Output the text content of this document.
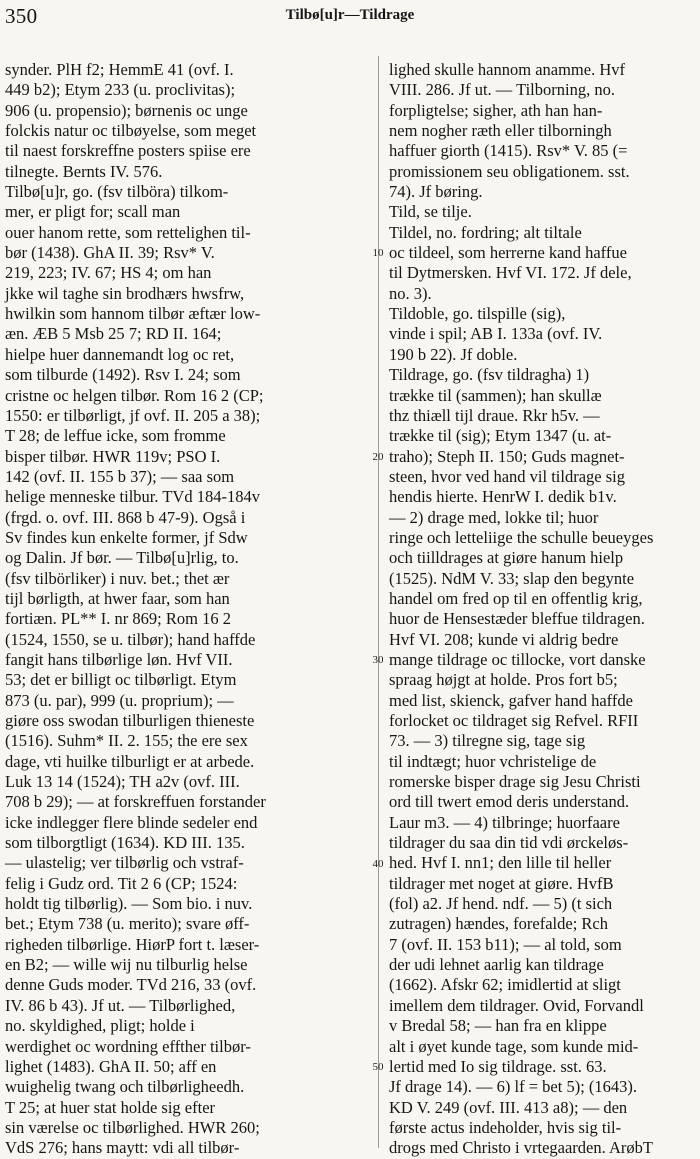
350	Tilbø[u]r—Tildrage
synder. PlH f2; HemmE 41 (ovf. I.
449 b2); Etym 233 (u. proclivitas);
906 (u. propensio); børnenis oc unge
folckis natur oc tilbøyelse, som meget
til naest forskreffne posters spiise ere
tilnegte. Bernts IV. 576.
Tilbø[u]r, go. (fsv tilböra) tilkom-
mer, er pligt for; scall man
ouer hanom rette, som rettelighen til-
bør (1438). GhA II. 39; Rsv* V.
219, 223; IV. 67; HS 4; om han
jkke wil taghe sin brodhærs hwsfrw,
hwilkin som hannom tilbør æftær low-
æn. ÆB 5 Msb 25 7; RD II. 164;
hielpe huer dannemandt log oc ret,
som tilburde (1492). Rsv I. 24; som
cristne oc helgen tilbør. Rom 16 2 (CP;
1550: er tilbørligt, jf ovf. II. 205 a 38);
T 28; de leffue icke, som fromme
bisper tilbør. HWR 119v; PSO I.
142 (ovf. II. 155 b 37); — saa som
helige menneske tilbur. TVd 184-184v
(frgd. o. ovf. III. 868 b 47-9). Også i
Sv findes kun enkelte former, jf Sdw
og Dalin. Jf bør. — Tilbø[u]rlig, to.
(fsv tilbörliker) i nuv. bet.; thet ær
tijl børligth, at hwer faar, som han
fortiæn. PL** I. nr 869; Rom 16 2
(1524, 1550, se u. tilbør); hand haffde
fangit hans tilbørlige løn. Hvf VII.
53; det er billigt oc tilbørligt. Etym
873 (u. par), 999 (u. proprium); —
giøre oss swodan tilburligen thieneste
(1516). Suhm* II. 2. 155; the ere sex
dage, vti huilke tilburligt er at arbede.
Luk 13 14 (1524); TH a2v (ovf. III.
708 b 29); — at forskreffuen forstander
icke indlegger flere blinde sedeler end
som tilborgtligt (1634). KD III. 135.
— ulastelig; ver tilbørlig och vstraf-
felig i Gudz ord. Tit 2 6 (CP; 1524:
holdt tig tilbørlig). — Som bio. i nuv.
bet.; Etym 738 (u. merito); svare øff-
righeden tilbørlige. HiørP fort t. læser-
en B2; — wille wij nu tilburlig helse
denne Guds moder. TVd 216, 33 (ovf.
IV. 86 b 43). Jf ut. — Tilbørlighed,
no. skyldighed, pligt; holde i
werdighet oc wordning effther tilbør-
lighet (1483). GhA II. 50; aff en
wuighelig twang och tilbørligheedh.
T 25; at huer stat holde sig efter
sin værelse oc tilbørlighed. HWR 260;
VdS 276; hans maytt: vdi all tilbør-
10
20
30
40
50
lighed skulle hannom anamme. Hvf
VIII. 286. Jf ut. — Tilborning, no.
forpligtelse; sigher, ath han han-
nem nogher ræth eller tilborningh
haffuer giorth (1415). Rsv* V. 85 (=
promissionem seu obligationem. sst.
74). Jf børing.
Tild, se tilje.
Tildel, no. fordring; alt tiltale
oc tildeel, som herrerne kand haffue
til Dytmersken. Hvf VI. 172. Jf dele,
no. 3).
Tildoble, go. tilspille (sig),
vinde i spil; AB I. 133a (ovf. IV.
190 b 22). Jf doble.
Tildrage, go. (fsv tildragha) 1)
trække til (sammen); han skullæ
thz thiæll tijl draue. Rkr h5v. —
trække til (sig); Etym 1347 (u. at-
traho); Steph II. 150; Guds magnet-
steen, hvor ved hand vil tildrage sig
hendis hierte. HenrW I. dedik b1v.
— 2) drage med, lokke til; huor
ringe och letteliige the schulle beueyges
och tiilldrages at giøre hanum hielp
(1525). NdM V. 33; slap den begynte
handel om fred op til en offentlig krig,
huor de Hensestæder bleffue tildragen.
Hvf VI. 208; kunde vi aldrig bedre
mange tildrage oc tillocke, vort danske
spraag højgt at holde. Pros fort b5;
med list, skienck, gafver hand haffde
forlocket oc tildraget sig Refvel. RFII
73. — 3) tilregne sig, tage sig
til indtægt; huor vchristelige de
romerske bisper drage sig Jesu Christi
ord till twert emod deris understand.
Laur m3. — 4) tilbringe; huorfaare
tildrager du saa din tid vdi ørckeløs-
hed. Hvf I. nn1; den lille til heller
tildrager met noget at giøre. HvfB
(fol) a2. Jf hend. ndf. — 5) (t sich
zutragen) hændes, forefalde; Rch
7 (ovf. II. 153 b11); — al told, som
der udi lehnet aarlig kan tildrage
(1662). Afskr 62; imidlertid at sligt
imellem dem tildrager. Ovid, Forvandl
v Bredal 58; — han fra en klippe
alt i øyet kunde tage, som kunde mid-
lertid med Io sig tildrage. sst. 63.
Jf drage 14). — 6) lf = bet 5); (1643).
KD V. 249 (ovf. III. 413 a8); — den
første actus indeholder, hvis sig til-
drogs med Christo i vrtegaarden. ArøbT
